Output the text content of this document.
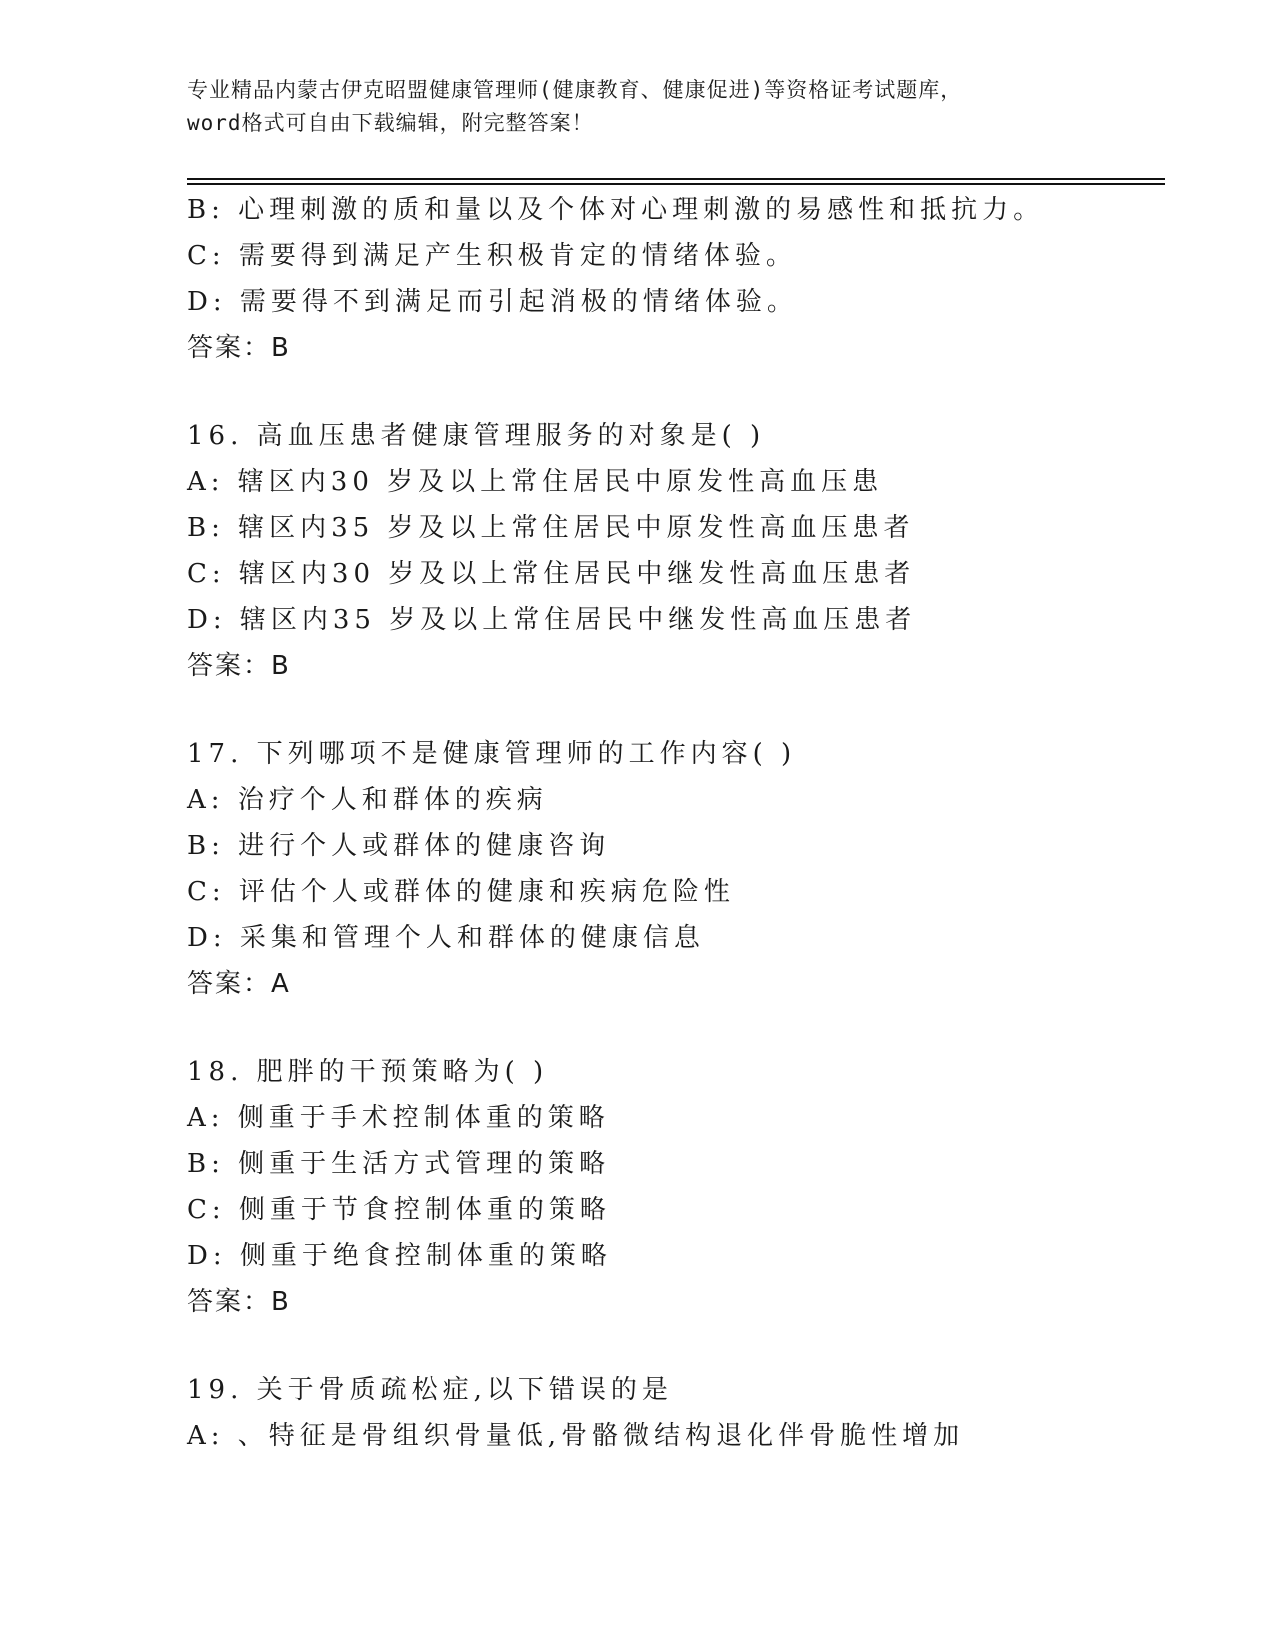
专业精品内蒙古伊克昭盟健康管理师(健康教育、健康促进)等资格证考试题库，
word格式可自由下载编辑，附完整答案！
B: 心理刺激的质和量以及个体对心理刺激的易感性和抵抗力。
C: 需要得到满足产生积极肯定的情绪体验。
D: 需要得不到满足而引起消极的情绪体验。
答案：B
16. 高血压患者健康管理服务的对象是( )
A: 辖区内30 岁及以上常住居民中原发性高血压患
B: 辖区内35 岁及以上常住居民中原发性高血压患者
C: 辖区内30 岁及以上常住居民中继发性高血压患者
D: 辖区内35 岁及以上常住居民中继发性高血压患者
答案：B
17. 下列哪项不是健康管理师的工作内容( )
A: 治疗个人和群体的疾病
B: 进行个人或群体的健康咨询
C: 评估个人或群体的健康和疾病危险性
D: 采集和管理个人和群体的健康信息
答案：A
18. 肥胖的干预策略为( )
A: 侧重于手术控制体重的策略
B: 侧重于生活方式管理的策略
C: 侧重于节食控制体重的策略
D: 侧重于绝食控制体重的策略
答案：B
19. 关于骨质疏松症,以下错误的是
A: 、特征是骨组织骨量低,骨骼微结构退化伴骨脆性增加
